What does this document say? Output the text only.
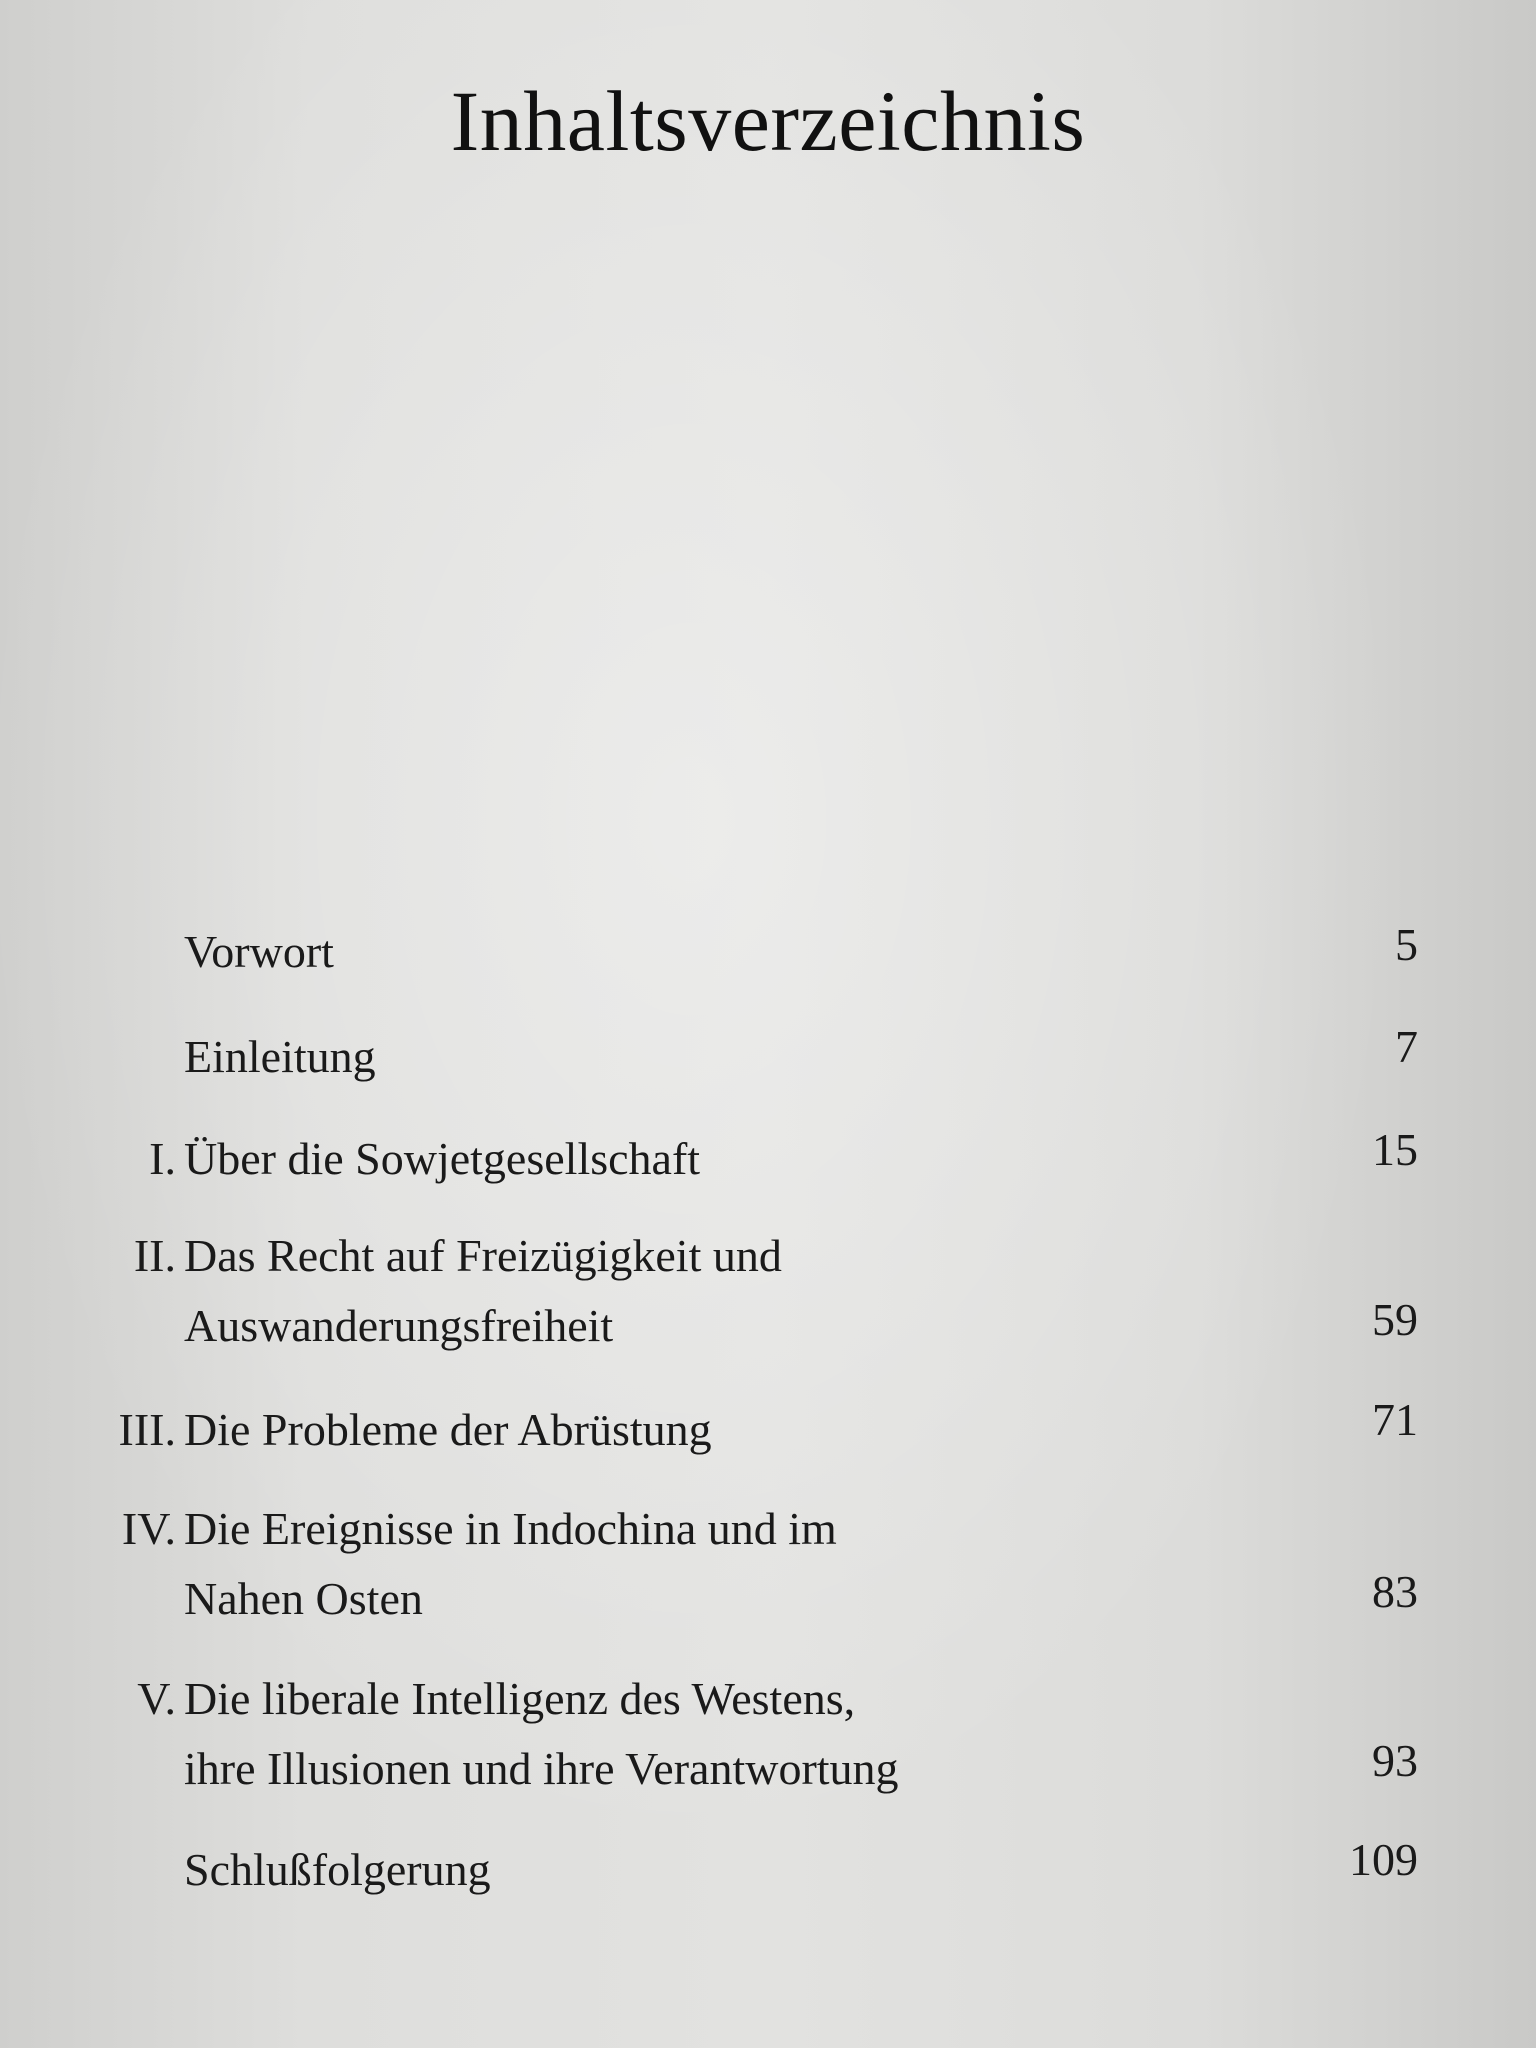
Inhaltsverzeichnis
Vorwort	5
Einleitung	7
I. Über die Sowjetgesellschaft	15
II. Das Recht auf Freizügigkeit und
Auswanderungsfreiheit	59
III. Die Probleme der Abrüstung	71
IV. Die Ereignisse in Indochina und im
Nahen Osten	83
V. Die liberale Intelligenz des Westens,
ihre Illusionen und ihre Verantwortung	93
Schlußfolgerung	109
